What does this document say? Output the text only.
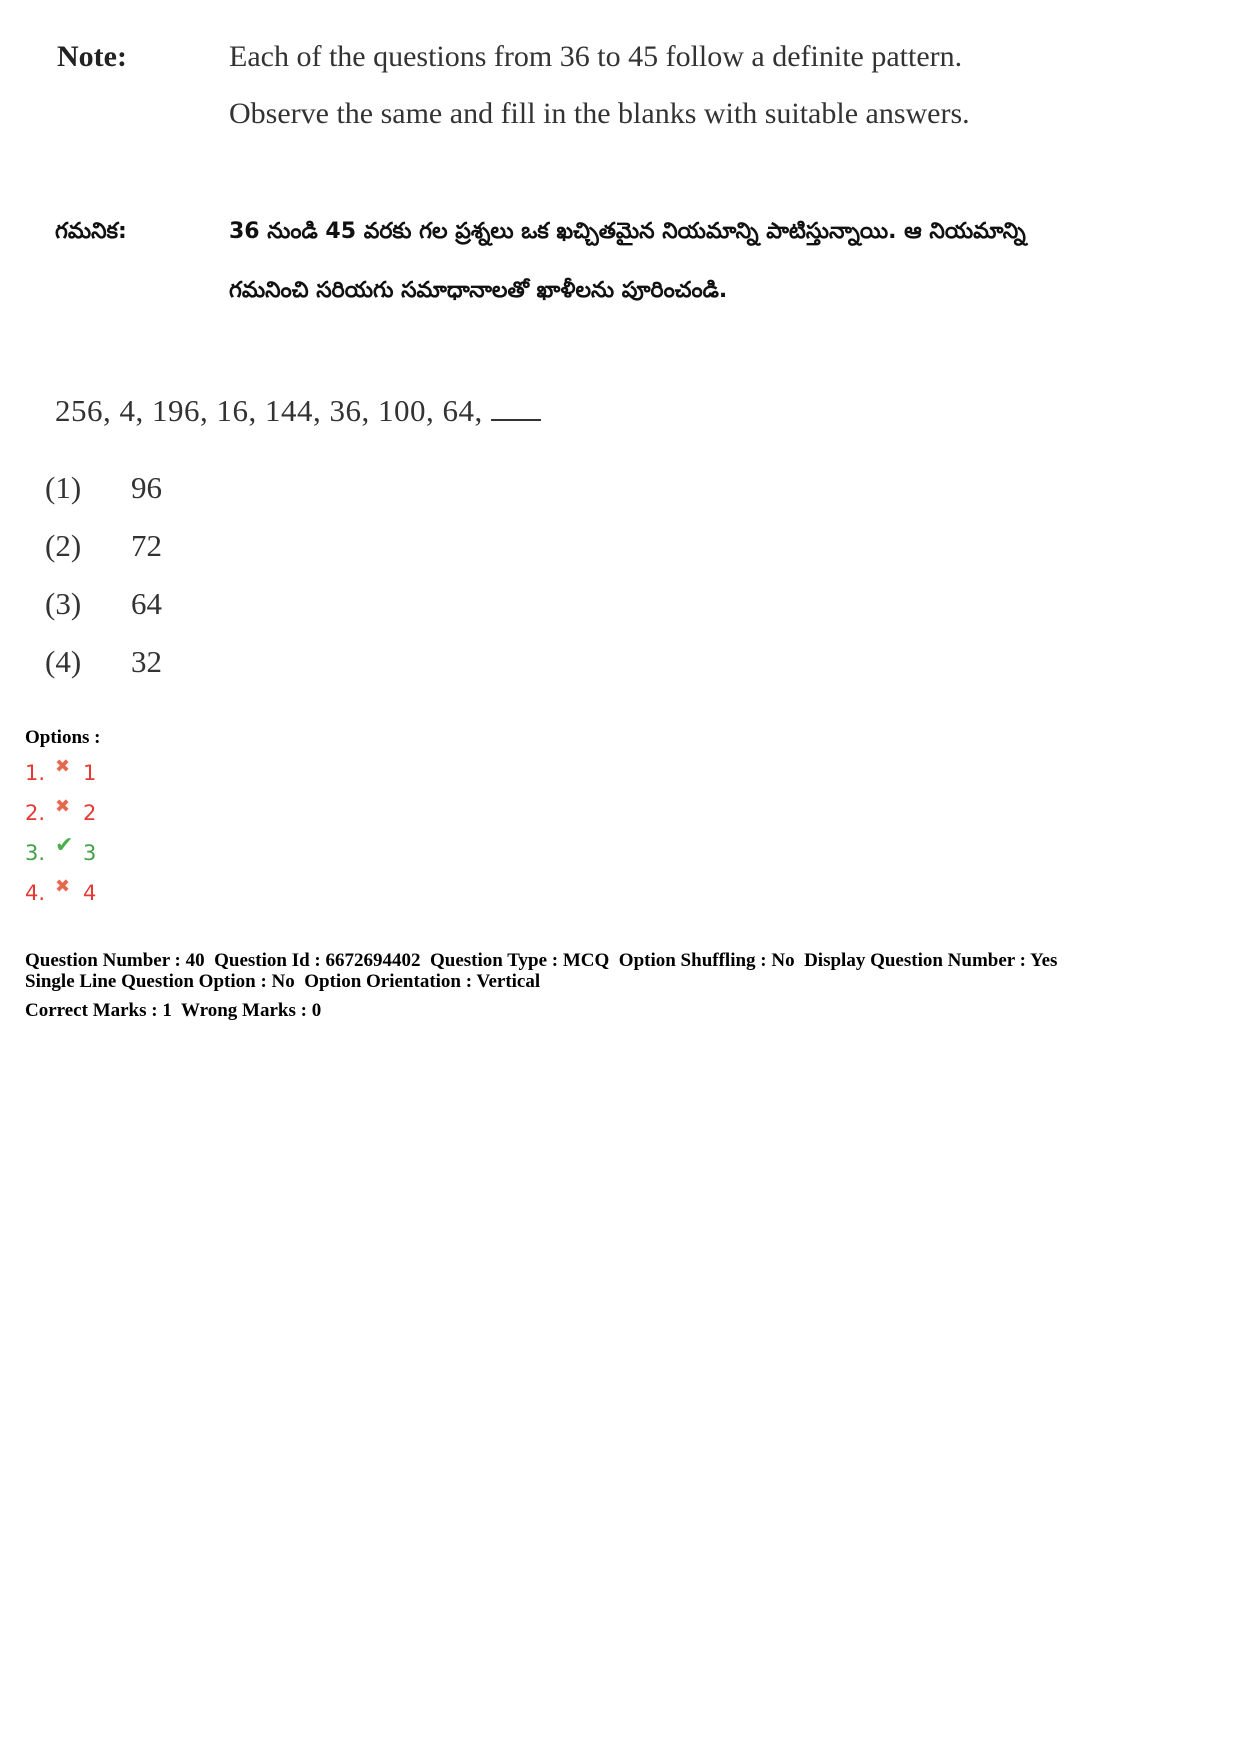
Note:	Each of the questions from 36 to 45 follow a definite pattern.
Observe the same and fill in the blanks with suitable answers.
గమనిక:	36 నుండి 45 వరకు గల ప్రశ్నలు ఒక ఖచ్చితమైన నియమాన్ని పాటిస్తున్నాయి. ఆ నియమాన్ని
గమనించి సరియగు సమాధానాలతో ఖాళీలను పూరించండి.
256, 4, 196, 16, 144, 36, 100, 64,
(1) 96
(2) 72
(3) 64
(4) 32
Options :
1. ✖ 1
2. ✖ 2
3. ✔ 3
4. ✖ 4
Question Number : 40  Question Id : 6672694402  Question Type : MCQ  Option Shuffling : No  Display Question Number : Yes
Single Line Question Option : No  Option Orientation : Vertical
Correct Marks : 1  Wrong Marks : 0
